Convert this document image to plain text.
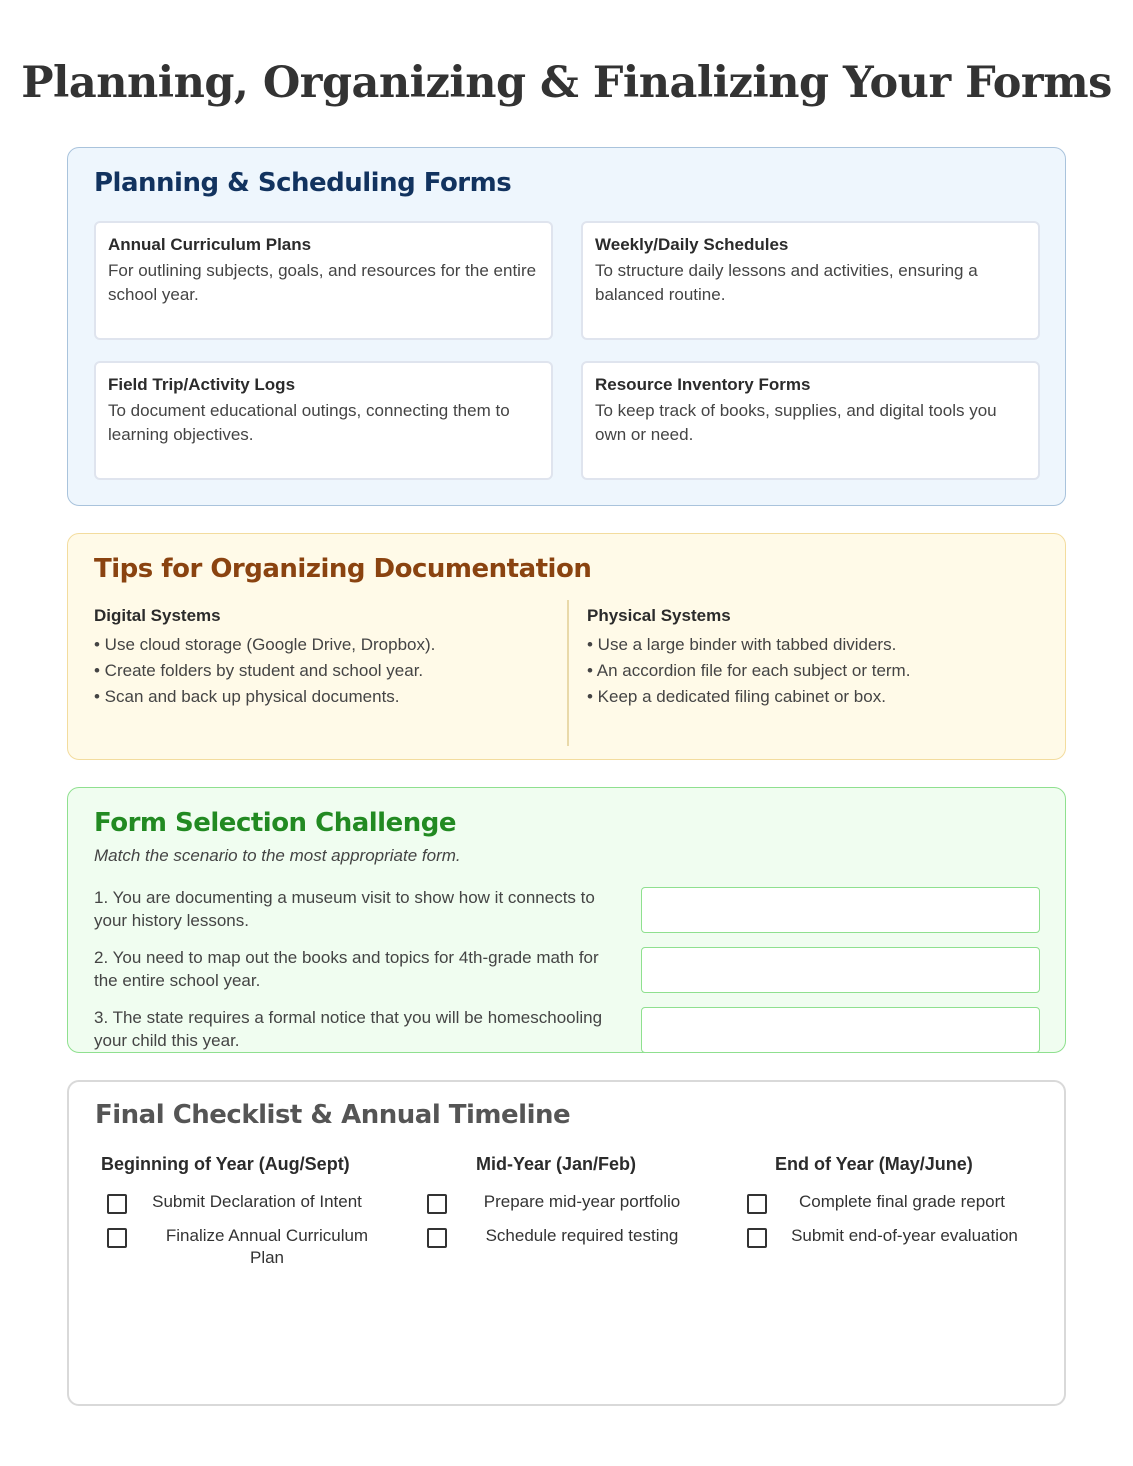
Planning, Organizing & Finalizing Your Forms
Planning & Scheduling Forms
Annual Curriculum Plans
For outlining subjects, goals, and resources for the entire school year.
Weekly/Daily Schedules
To structure daily lessons and activities, ensuring a balanced routine.
Field Trip/Activity Logs
To document educational outings, connecting them to learning objectives.
Resource Inventory Forms
To keep track of books, supplies, and digital tools you own or need.
Tips for Organizing Documentation
Digital Systems
• Use cloud storage (Google Drive, Dropbox).
• Create folders by student and school year.
• Scan and back up physical documents.
Physical Systems
• Use a large binder with tabbed dividers.
• An accordion file for each subject or term.
• Keep a dedicated filing cabinet or box.
Form Selection Challenge
Match the scenario to the most appropriate form.
1. You are documenting a museum visit to show how it connects to your history lessons.
2. You need to map out the books and topics for 4th-grade math for the entire school year.
3. The state requires a formal notice that you will be homeschooling your child this year.
Final Checklist & Annual Timeline
Beginning of Year (Aug/Sept)
Submit Declaration of Intent
Finalize Annual Curriculum Plan
Mid-Year (Jan/Feb)
Prepare mid-year portfolio
Schedule required testing
End of Year (May/June)
Complete final grade report
Submit end-of-year evaluation
